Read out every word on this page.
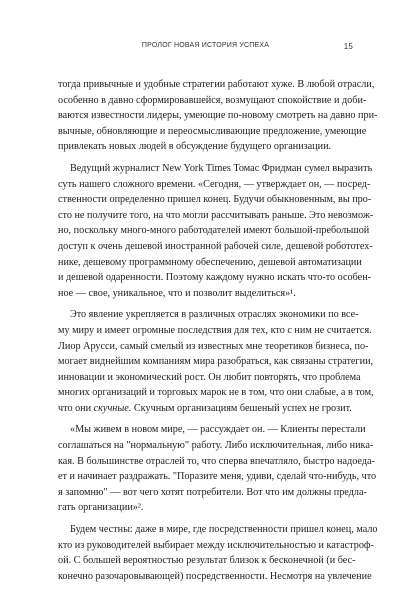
ПРОЛОГ НОВАЯ ИСТОРИЯ УСПЕХА	15
тогда привычные и удобные стратегии работают хуже. В любой отрасли,
особенно в давно сформировавшейся, возмущают спокойствие и доби-
ваются известности лидеры, умеющие по-новому смотреть на давно при-
вычные, обновляющие и переосмысливающие предложение, умеющие
привлекать новых людей в обсуждение будущего организации.
Ведущий журналист New York Times Томас Фридман сумел выразить
суть нашего сложного времени. «Сегодня, — утверждает он, — посред-
ственности определенно пришел конец. Будучи обыкновенным, вы про-
сто не получите того, на что могли рассчитывать раньше. Это невозмож-
но, поскольку много-много работодателей имеют большой-пребольшой
доступ к очень дешевой иностранной рабочей силе, дешевой робототех-
нике, дешевому программному обеспечению, дешевой автоматизации
и дешевой одаренности. Поэтому каждому нужно искать что-то особен-
ное — свое, уникальное, что и позволит выделиться»¹.
Это явление укрепляется в различных отраслях экономики по все-
му миру и имеет огромные последствия для тех, кто с ним не считается.
Лиор Арусси, самый смелый из известных мне теоретиков бизнеса, по-
могает виднейшим компаниям мира разобраться, как связаны стратегии,
инновации и экономический рост. Он любит повторять, что проблема
многих организаций и торговых марок не в том, что они слабые, а в том,
что они скучные. Скучным организациям бешеный успех не грозит.
«Мы живем в новом мире, — рассуждает он. — Клиенты перестали
соглашаться на "нормальную" работу. Либо исключительная, либо ника-
кая. В большинстве отраслей то, что сперва впечатляло, быстро надоеда-
ет и начинает раздражать. "Поразите меня, удиви, сделай что-нибудь, что
я запомню" — вот чего хотят потребители. Вот что им должны предла-
гать организации»².
Будем честны: даже в мире, где посредственности пришел конец, мало
кто из руководителей выбирает между исключительностью и катастроф-
ой. С большей вероятностью результат близок к бесконечной (и бес-
конечно разочаровывающей) посредственности. Несмотря на увлечение
